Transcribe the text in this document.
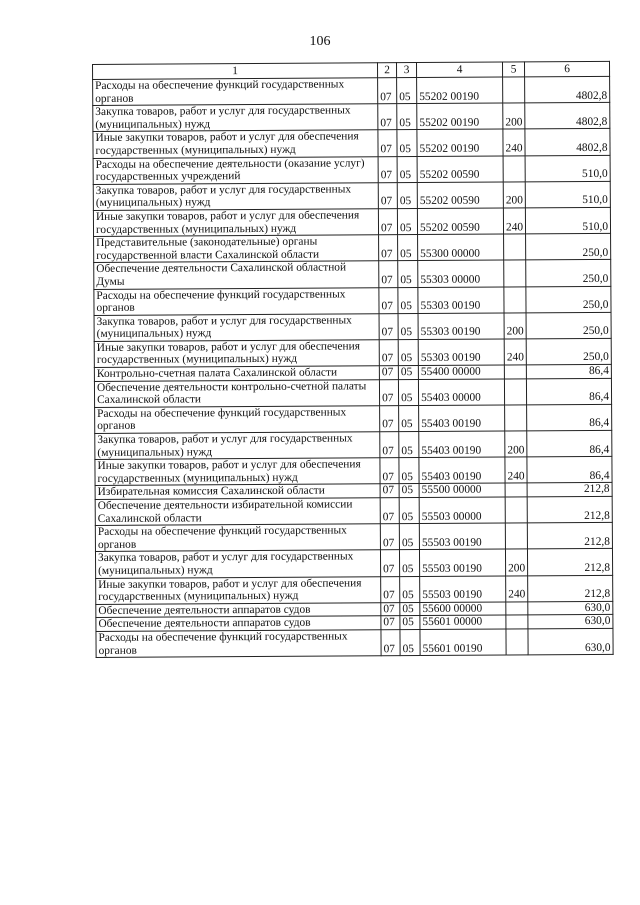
106
1	2	3	4	5	6
Расходы на обеспечение функций государственных органов	07	05	55202 00190		4802,8
Закупка товаров, работ и услуг для государственных (муниципальных) нужд	07	05	55202 00190	200	4802,8
Иные закупки товаров, работ и услуг для обеспечения государственных (муниципальных) нужд	07	05	55202 00190	240	4802,8
Расходы на обеспечение деятельности (оказание услуг) государственных учреждений	07	05	55202 00590		510,0
Закупка товаров, работ и услуг для государственных (муниципальных) нужд	07	05	55202 00590	200	510,0
Иные закупки товаров, работ и услуг для обеспечения государственных (муниципальных) нужд	07	05	55202 00590	240	510,0
Представительные (законодательные) органы государственной власти Сахалинской области	07	05	55300 00000		250,0
Обеспечение деятельности Сахалинской областной Думы	07	05	55303 00000		250,0
Расходы на обеспечение функций государственных органов	07	05	55303 00190		250,0
Закупка товаров, работ и услуг для государственных (муниципальных) нужд	07	05	55303 00190	200	250,0
Иные закупки товаров, работ и услуг для обеспечения государственных (муниципальных) нужд	07	05	55303 00190	240	250,0
Контрольно-счетная палата Сахалинской области	07	05	55400 00000		86,4
Обеспечение деятельности контрольно-счетной палаты Сахалинской области	07	05	55403 00000		86,4
Расходы на обеспечение функций государственных органов	07	05	55403 00190		86,4
Закупка товаров, работ и услуг для государственных (муниципальных) нужд	07	05	55403 00190	200	86,4
Иные закупки товаров, работ и услуг для обеспечения государственных (муниципальных) нужд	07	05	55403 00190	240	86,4
Избирательная комиссия Сахалинской области	07	05	55500 00000		212,8
Обеспечение деятельности избирательной комиссии Сахалинской области	07	05	55503 00000		212,8
Расходы на обеспечение функций государственных органов	07	05	55503 00190		212,8
Закупка товаров, работ и услуг для государственных (муниципальных) нужд	07	05	55503 00190	200	212,8
Иные закупки товаров, работ и услуг для обеспечения государственных (муниципальных) нужд	07	05	55503 00190	240	212,8
Обеспечение деятельности аппаратов судов	07	05	55600 00000		630,0
Обеспечение деятельности аппаратов судов	07	05	55601 00000		630,0
Расходы на обеспечение функций государственных органов	07	05	55601 00190		630,0
